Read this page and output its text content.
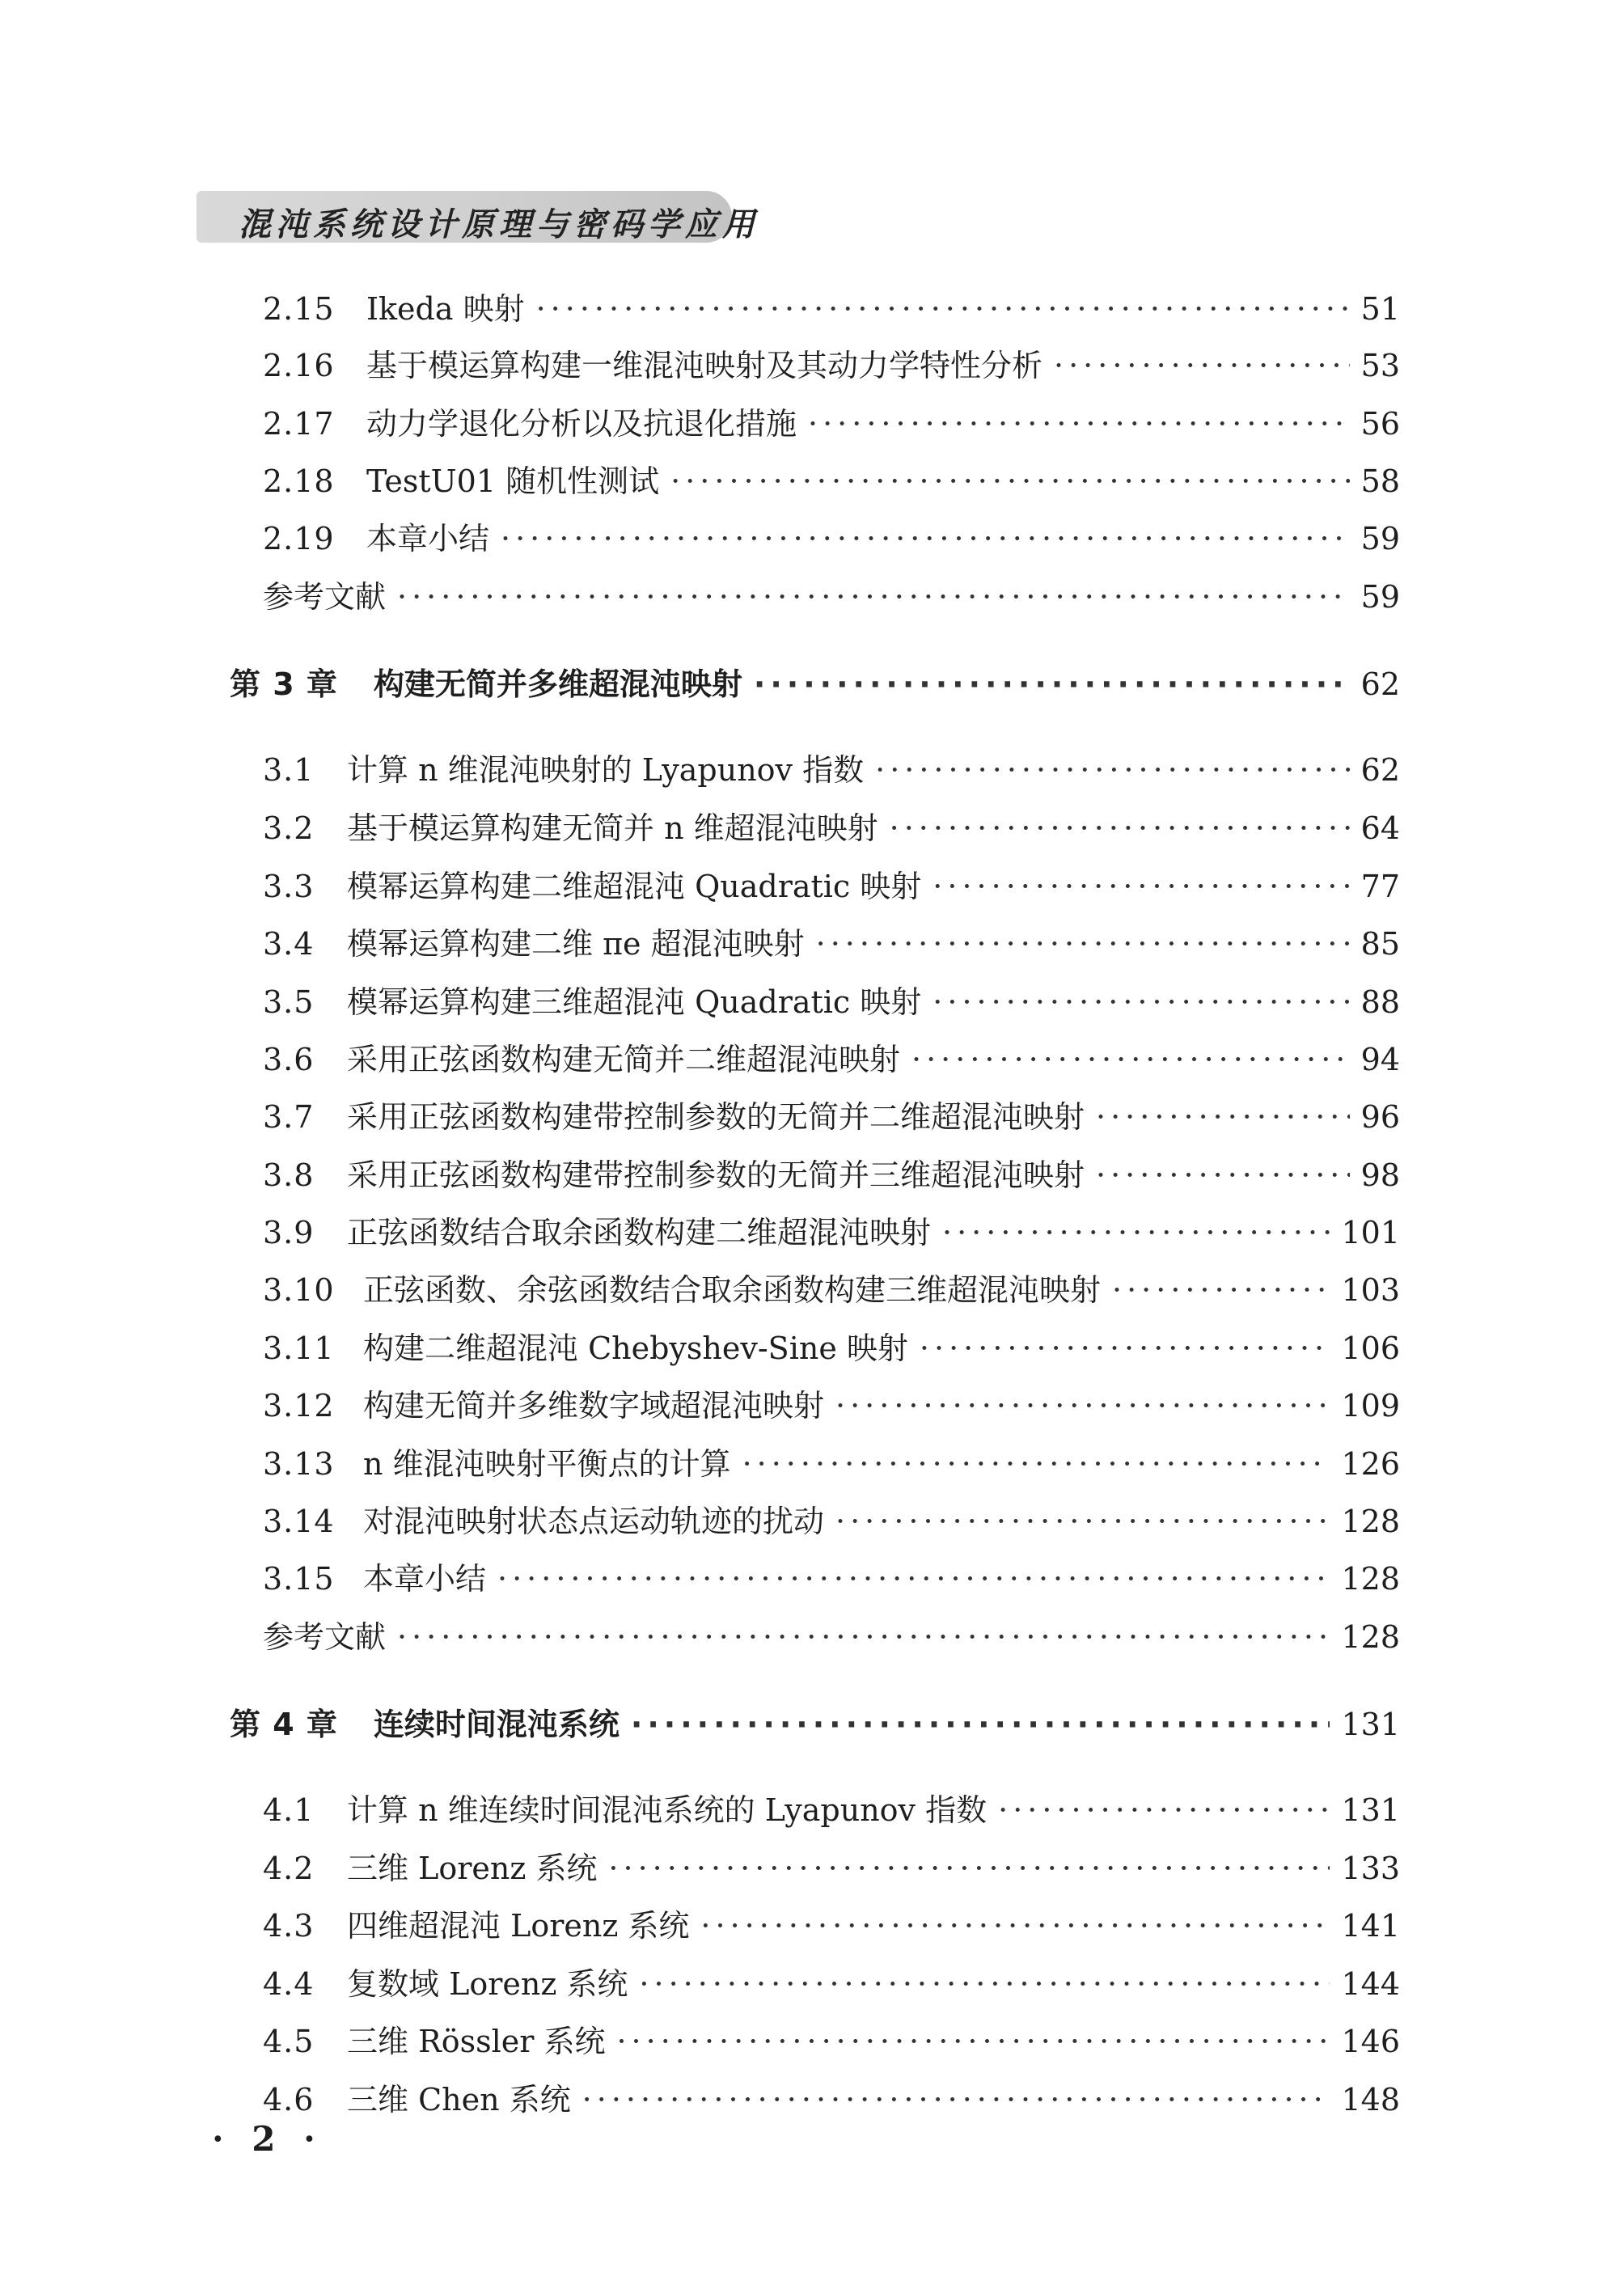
混沌系统设计原理与密码学应用
2.15	Ikeda 映射 ·····	51
2.16	基于模运算构建一维混沌映射及其动力学特性分析 ·····	53
2.17	动力学退化分析以及抗退化措施 ·····	56
2.18	TestU01 随机性测试 ·····	58
2.19	本章小结 ·····	59
参考文献 ·····	59
第 3 章 构建无简并多维超混沌映射 ·····	62
3.1	计算 n 维混沌映射的 Lyapunov 指数 ·····	62
3.2	基于模运算构建无简并 n 维超混沌映射 ·····	64
3.3	模幂运算构建二维超混沌 Quadratic 映射 ·····	77
3.4	模幂运算构建二维 πe 超混沌映射 ·····	85
3.5	模幂运算构建三维超混沌 Quadratic 映射 ·····	88
3.6	采用正弦函数构建无简并二维超混沌映射 ·····	94
3.7	采用正弦函数构建带控制参数的无简并二维超混沌映射 ·····	96
3.8	采用正弦函数构建带控制参数的无简并三维超混沌映射 ·····	98
3.9	正弦函数结合取余函数构建二维超混沌映射 ·····	101
3.10 正弦函数、余弦函数结合取余函数构建三维超混沌映射 ·····	103
3.11 构建二维超混沌 Chebyshev-Sine 映射 ·····	106
3.12 构建无简并多维数字域超混沌映射 ·····	109
3.13 n 维混沌映射平衡点的计算 ·····	126
3.14 对混沌映射状态点运动轨迹的扰动 ·····	128
3.15 本章小结 ·····	128
参考文献 ·····	128
第 4 章 连续时间混沌系统 ·····	131
4.1	计算 n 维连续时间混沌系统的 Lyapunov 指数 ·····	131
4.2	三维 Lorenz 系统 ·····	133
4.3	四维超混沌 Lorenz 系统 ·····	141
4.4	复数域 Lorenz 系统 ·····	144
4.5	三维 Rössler 系统 ·····	146
4.6	三维 Chen 系统 ·····	148
· 2 ·
